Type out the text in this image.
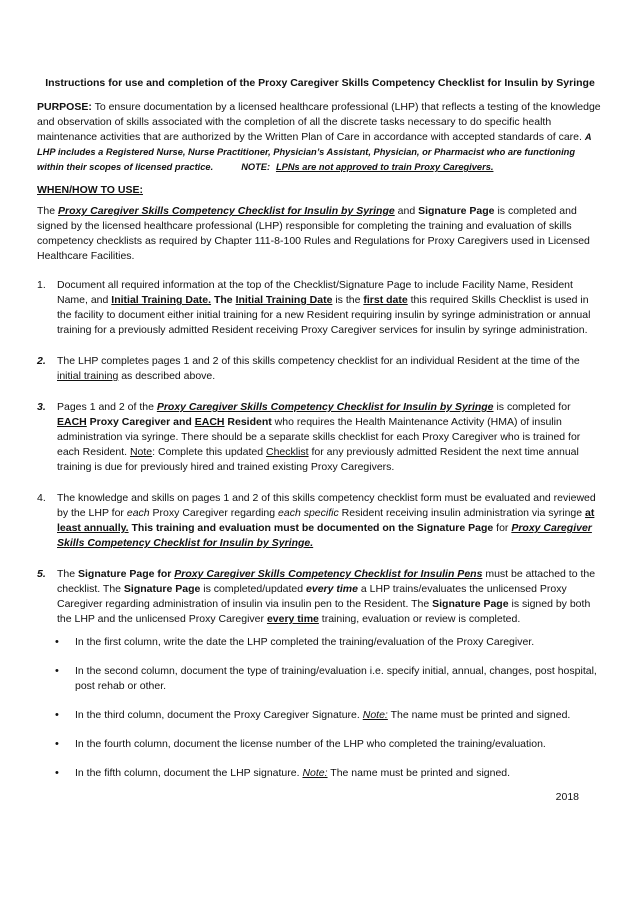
Instructions for use and completion of the Proxy Caregiver Skills Competency Checklist for Insulin by Syringe
PURPOSE: To ensure documentation by a licensed healthcare professional (LHP) that reflects a testing of the knowledge and observation of skills associated with the completion of all the discrete tasks necessary to do specific health maintenance activities that are authorized by the Written Plan of Care in accordance with accepted standards of care. A LHP includes a Registered Nurse, Nurse Practitioner, Physician’s Assistant, Physician, or Pharmacist who are functioning within their scopes of licensed practice.	NOTE: LPNs are not approved to train Proxy Caregivers.
WHEN/HOW TO USE:
The Proxy Caregiver Skills Competency Checklist for Insulin by Syringe and Signature Page is completed and signed by the licensed healthcare professional (LHP) responsible for completing the training and evaluation of skills competency checklists as required by Chapter 111-8-100 Rules and Regulations for Proxy Caregivers used in Licensed Healthcare Facilities.
1.	Document all required information at the top of the Checklist/Signature Page to include Facility Name, Resident Name, and Initial Training Date. The Initial Training Date is the first date this required Skills Checklist is used in the facility to document either initial training for a new Resident requiring insulin by syringe administration or annual training for a previously admitted Resident receiving Proxy Caregiver services for insulin by syringe administration.
2.	The LHP completes pages 1 and 2 of this skills competency checklist for an individual Resident at the time of the initial training as described above.
3.	Pages 1 and 2 of the Proxy Caregiver Skills Competency Checklist for Insulin by Syringe is completed for EACH Proxy Caregiver and EACH Resident who requires the Health Maintenance Activity (HMA) of insulin administration via syringe. There should be a separate skills checklist for each Proxy Caregiver who is trained for each Resident. Note: Complete this updated Checklist for any previously admitted Resident the next time annual training is due for previously hired and trained existing Proxy Caregivers.
4.	The knowledge and skills on pages 1 and 2 of this skills competency checklist form must be evaluated and reviewed by the LHP for each Proxy Caregiver regarding each specific Resident receiving insulin administration via syringe at least annually. This training and evaluation must be documented on the Signature Page for Proxy Caregiver Skills Competency Checklist for Insulin by Syringe.
5.	The Signature Page for Proxy Caregiver Skills Competency Checklist for Insulin Pens must be attached to the checklist. The Signature Page is completed/updated every time a LHP trains/evaluates the unlicensed Proxy Caregiver regarding administration of insulin via insulin pen to the Resident. The Signature Page is signed by both the LHP and the unlicensed Proxy Caregiver every time training, evaluation or review is completed.
•	In the first column, write the date the LHP completed the training/evaluation of the Proxy Caregiver.
•	In the second column, document the type of training/evaluation i.e. specify initial, annual, changes, post hospital, post rehab or other.
•	In the third column, document the Proxy Caregiver Signature. Note: The name must be printed and signed.
•	In the fourth column, document the license number of the LHP who completed the training/evaluation.
•	In the fifth column, document the LHP signature. Note: The name must be printed and signed.
2018
